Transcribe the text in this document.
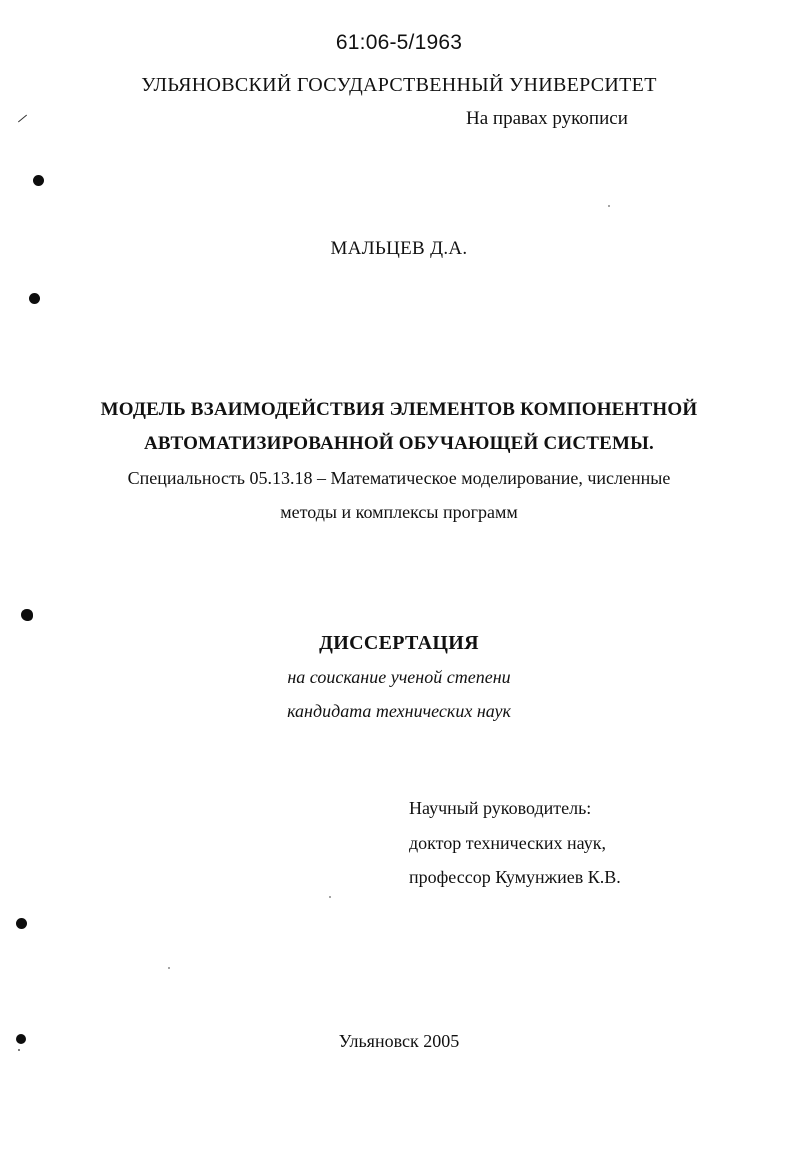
61:06-5/1963
УЛЬЯНОВСКИЙ ГОСУДАРСТВЕННЫЙ УНИВЕРСИТЕТ
На правах рукописи
МАЛЬЦЕВ Д.А.
МОДЕЛЬ ВЗАИМОДЕЙСТВИЯ ЭЛЕМЕНТОВ КОМПОНЕНТНОЙ
АВТОМАТИЗИРОВАННОЙ ОБУЧАЮЩЕЙ СИСТЕМЫ.
Специальность 05.13.18 – Математическое моделирование, численные
методы и комплексы программ
ДИССЕРТАЦИЯ
на соискание ученой степени
кандидата технических наук
Научный руководитель:
доктор технических наук,
профессор Кумунжиев К.В.
Ульяновск 2005
